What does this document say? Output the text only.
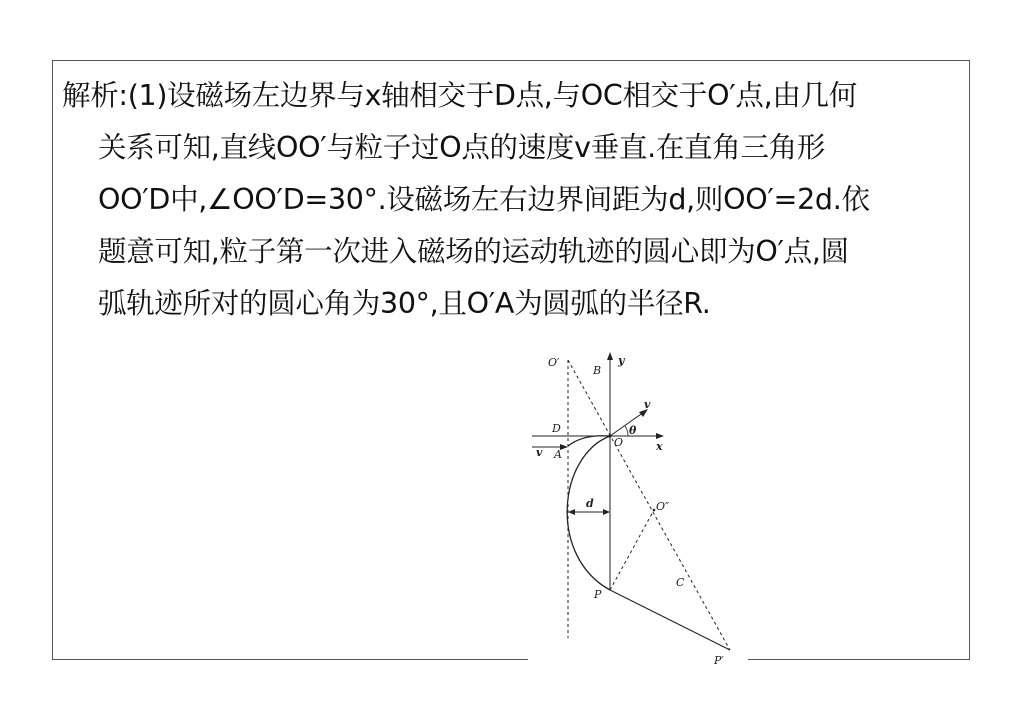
解析:(1)设磁场左边界与x轴相交于D点,与OC相交于O′点,由几何
关系可知,直线OO′与粒子过O点的速度v垂直.在直角三角形
OO′D中,∠OO′D=30°.设磁场左右边界间距为d,则OO′=2d.依
题意可知,粒子第一次进入磁场的运动轨迹的圆心即为O′点,圆
弧轨迹所对的圆心角为30°,且O′A为圆弧的半径R.
O′
B
y
v
θ
D
O	x
v A
d	O″
C
P
P′
